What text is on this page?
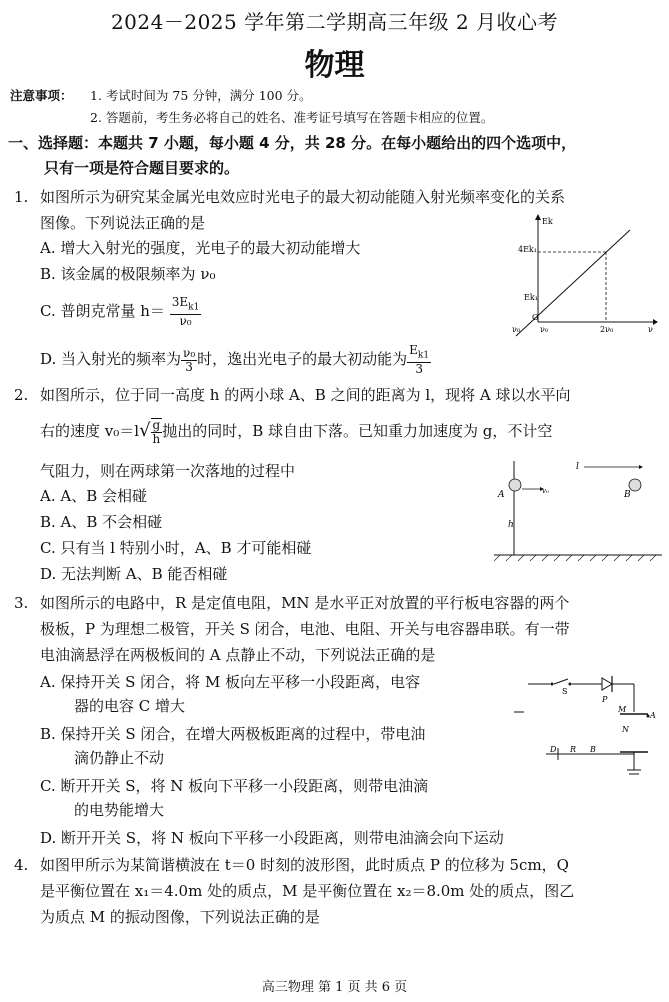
2024－2025 学年第二学期高三年级 2 月收心考
物理
注意事项： 1. 考试时间为 75 分钟，满分 100 分。
2. 答题前，考生务必将自己的姓名、准考证号填写在答题卡相应的位置。
一、选择题：本题共 7 小题，每小题 4 分，共 28 分。在每小题给出的四个选项中，
只有一项是符合题目要求的。
1. 如图所示为研究某金属光电效应时光电子的最大初动能随入射光频率变化的关系
图像。下列说法正确的是
A. 增大入射光的强度，光电子的最大初动能增大
B. 该金属的极限频率为 ν₀
C. 普朗克常量 $h= \frac{3E_{k1}}{\text{ν₀}}$
D. 当入射光的频率为 $\frac{\text{ν₀}}{3}$ 时，逸出光电子的最大初动能为 $\frac{E_{k1}}{3}$
Ek
4Ek₁
Ek₁
O
ν₀	2ν₀
ν₀	ν
2. 如图所示，位于同一高度 h 的两小球 A、B 之间的距离为 l，现将 A 球以水平向
右的速度 $v_0=l√ \frac{g}{h}$ 抛出的同时，B 球自由下落。已知重力加速度为 g，不计空
气阻力，则在两球第一次落地的过程中
A. A、B 会相碰
B. A、B 不会相碰
C. 只有当 l 特别小时，A、B 才可能相碰
D. 无法判断 A、B 能否相碰
A	B
l
h
v₀
3. 如图所示的电路中，R 是定值电阻，MN 是水平正对放置的平行板电容器的两个
极板，P 为理想二极管，开关 S 闭合，电池、电阻、开关与电容器串联。有一带
电油滴悬浮在两极板间的 A 点静止不动，下列说法正确的是
A. 保持开关 S 闭合，将 M 板向左平移一小段距离，电容
器的电容 C 增大
B. 保持开关 S 闭合，在增大两极板距离的过程中，带电油
滴仍静止不动
C. 断开开关 S，将 N 板向下平移一小段距离，则带电油滴
的电势能增大
D. 断开开关 S，将 N 板向下平移一小段距离，则带电油滴会向下运动
S
P
M
A
N
D R B
4. 如图甲所示为某简谐横波在 t＝0 时刻的波形图，此时质点 P 的位移为 5cm，Q
是平衡位置在 x₁＝4.0m 处的质点，M 是平衡位置在 x₂＝8.0m 处的质点，图乙
为质点 M 的振动图像，下列说法正确的是
高三物理 第 1 页 共 6 页
